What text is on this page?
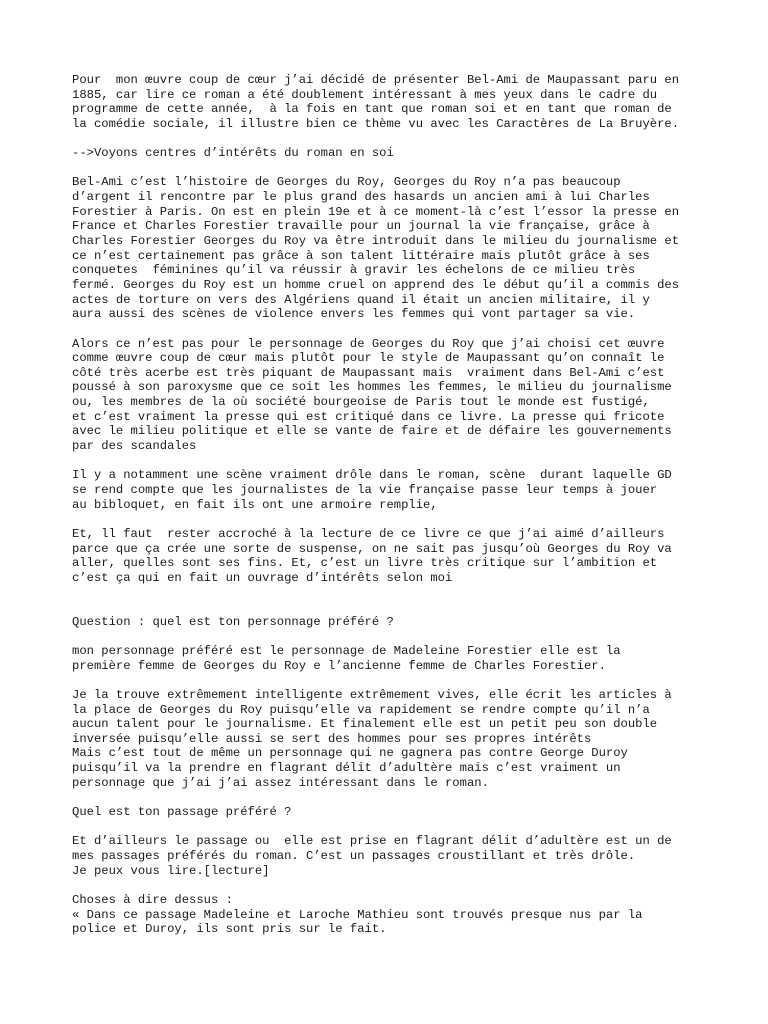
Pour  mon œuvre coup de cœur j’ai décidé de présenter Bel-Ami de Maupassant paru en
1885, car lire ce roman a été doublement intéressant à mes yeux dans le cadre du
programme de cette année,  à la fois en tant que roman soi et en tant que roman de
la comédie sociale, il illustre bien ce thème vu avec les Caractères de La Bruyère.
-->Voyons centres d’intérêts du roman en soi
Bel-Ami c’est l’histoire de Georges du Roy, Georges du Roy n’a pas beaucoup
d’argent il rencontre par le plus grand des hasards un ancien ami à lui Charles
Forestier à Paris. On est en plein 19e et à ce moment-là c’est l’essor la presse en
France et Charles Forestier travaille pour un journal la vie française, grâce à
Charles Forestier Georges du Roy va être introduit dans le milieu du journalisme et
ce n’est certainement pas grâce à son talent littéraire mais plutôt grâce à ses
conquetes  féminines qu’il va réussir à gravir les échelons de ce milieu très
fermé. Georges du Roy est un homme cruel on apprend des le début qu’il a commis des
actes de torture on vers des Algériens quand il était un ancien militaire, il y
aura aussi des scènes de violence envers les femmes qui vont partager sa vie.
Alors ce n’est pas pour le personnage de Georges du Roy que j’ai choisi cet œuvre
comme œuvre coup de cœur mais plutôt pour le style de Maupassant qu’on connaît le
côté très acerbe est très piquant de Maupassant mais  vraiment dans Bel-Ami c’est
poussé à son paroxysme que ce soit les hommes les femmes, le milieu du journalisme
ou, les membres de la où société bourgeoise de Paris tout le monde est fustigé,
et c’est vraiment la presse qui est critiqué dans ce livre. La presse qui fricote
avec le milieu politique et elle se vante de faire et de défaire les gouvernements
par des scandales
Il y a notamment une scène vraiment drôle dans le roman, scène  durant laquelle GD
se rend compte que les journalistes de la vie française passe leur temps à jouer
au bibloquet, en fait ils ont une armoire remplie,
Et, ll faut  rester accroché à la lecture de ce livre ce que j’ai aimé d’ailleurs
parce que ça crée une sorte de suspense, on ne sait pas jusqu’où Georges du Roy va
aller, quelles sont ses fins. Et, c’est un livre très critique sur l’ambition et
c’est ça qui en fait un ouvrage d’intérêts selon moi
Question : quel est ton personnage préféré ?
mon personnage préféré est le personnage de Madeleine Forestier elle est la
première femme de Georges du Roy e l’ancienne femme de Charles Forestier.
Je la trouve extrêmement intelligente extrêmement vives, elle écrit les articles à
la place de Georges du Roy puisqu’elle va rapidement se rendre compte qu’il n’a
aucun talent pour le journalisme. Et finalement elle est un petit peu son double
inversée puisqu’elle aussi se sert des hommes pour ses propres intérêts
Mais c’est tout de même un personnage qui ne gagnera pas contre George Duroy
puisqu’il va la prendre en flagrant délit d’adultère mais c’est vraiment un
personnage que j’ai j’ai assez intéressant dans le roman.
Quel est ton passage préféré ?
Et d’ailleurs le passage ou  elle est prise en flagrant délit d’adultère est un de
mes passages préférés du roman. C’est un passages croustillant et très drôle.
Je peux vous lire.[lecture]
Choses à dire dessus :
« Dans ce passage Madeleine et Laroche Mathieu sont trouvés presque nus par la
police et Duroy, ils sont pris sur le fait.
